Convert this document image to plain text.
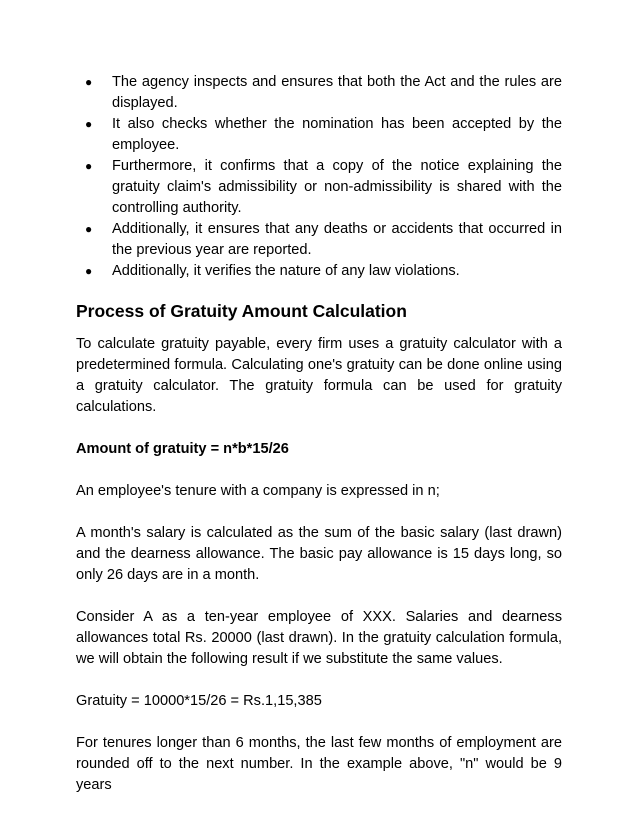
● The agency inspects and ensures that both the Act and the rules are displayed.
● It also checks whether the nomination has been accepted by the employee.
● Furthermore, it confirms that a copy of the notice explaining the gratuity claim's admissibility or non-admissibility is shared with the controlling authority.
● Additionally, it ensures that any deaths or accidents that occurred in the previous year are reported.
● Additionally, it verifies the nature of any law violations.
Process of Gratuity Amount Calculation

To calculate gratuity payable, every firm uses a gratuity calculator with a predetermined formula. Calculating one's gratuity can be done online using a gratuity calculator. The gratuity formula can be used for gratuity calculations.

Amount of gratuity = n*b*15/26

An employee's tenure with a company is expressed in n;

A month's salary is calculated as the sum of the basic salary (last drawn) and the dearness allowance. The basic pay allowance is 15 days long, so only 26 days are in a month.

Consider A as a ten-year employee of XXX. Salaries and dearness allowances total Rs. 20000 (last drawn). In the gratuity calculation formula, we will obtain the following result if we substitute the same values.

Gratuity = 10000*15/26 = Rs.1,15,385

For tenures longer than 6 months, the last few months of employment are rounded off to the next number. In the example above, "n" would be 9 years
